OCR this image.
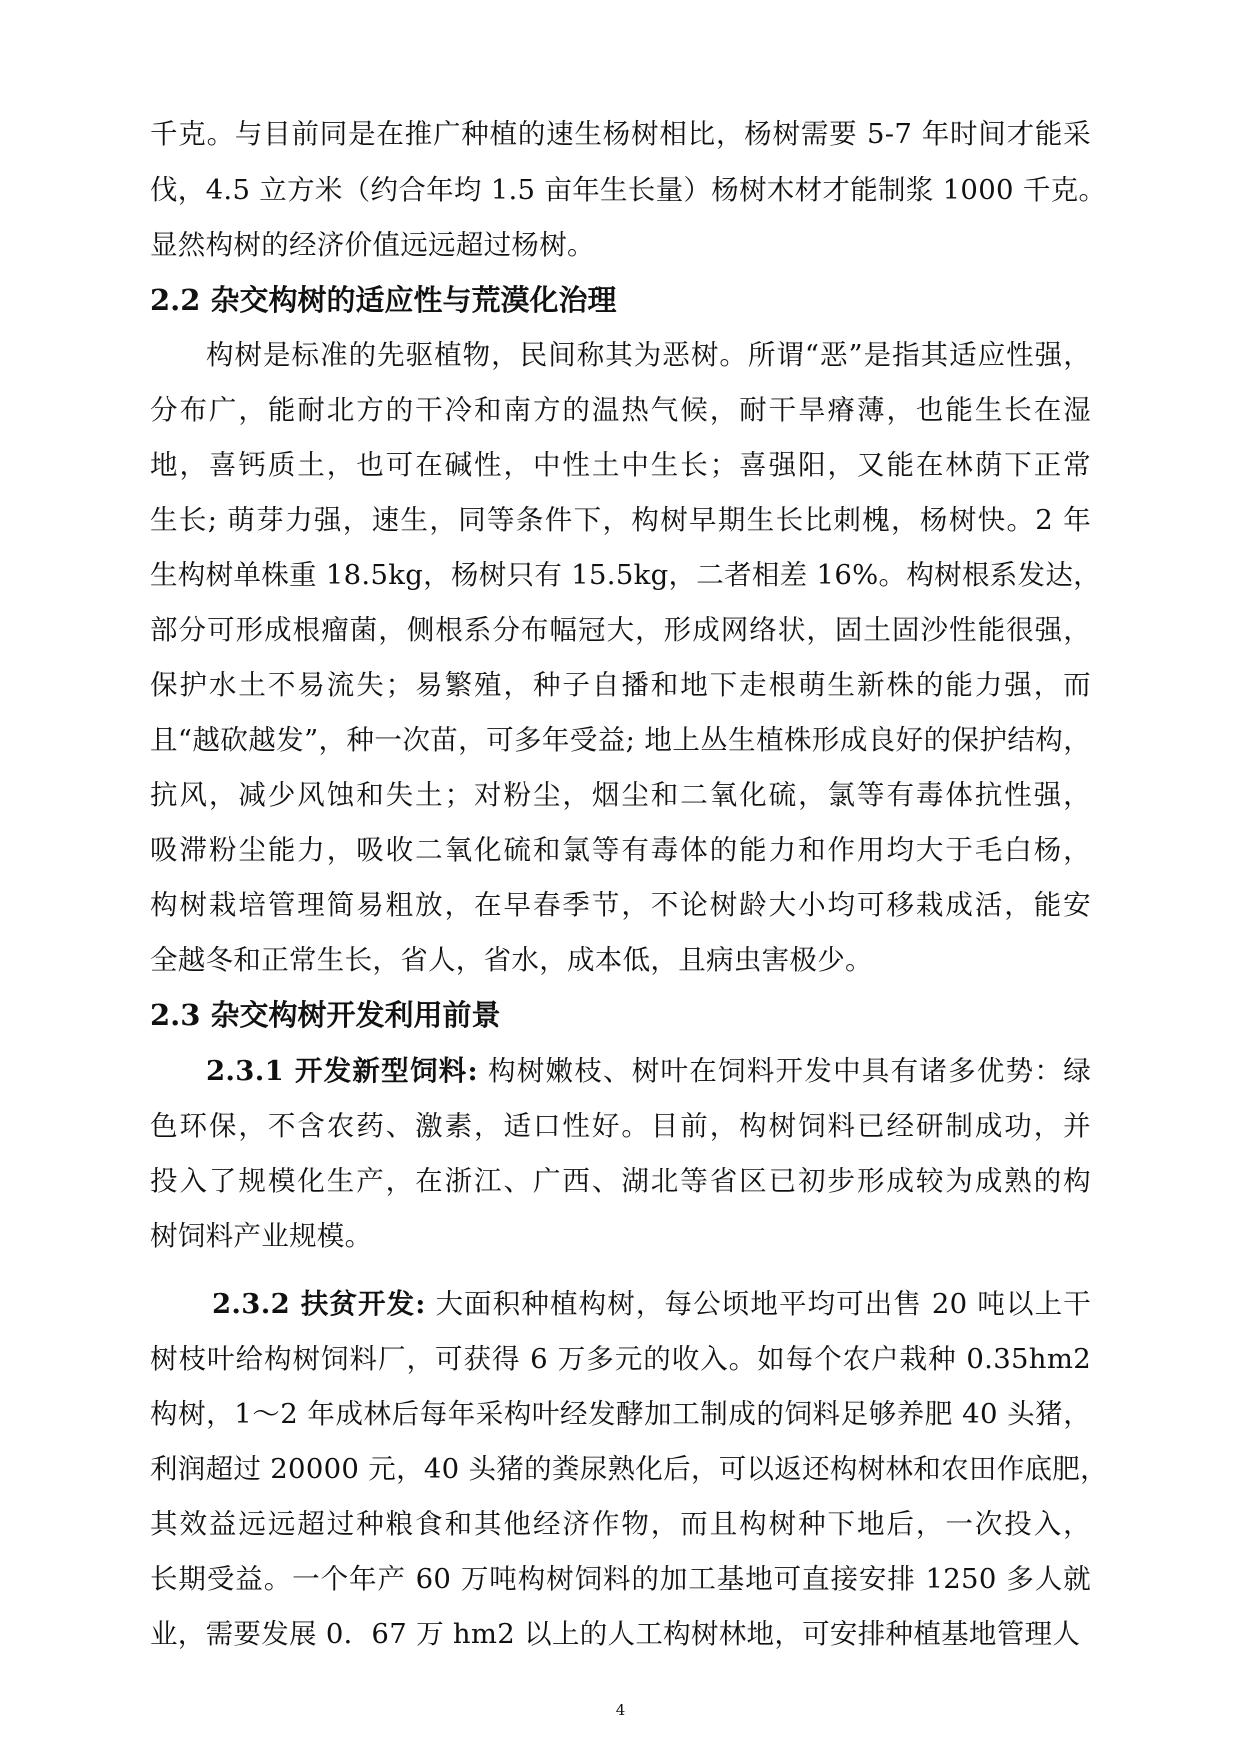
千克。与目前同是在推广种植的速生杨树相比，杨树需要 5-7 年时间才能采
伐，4.5 立方米（约合年均 1.5 亩年生长量）杨树木材才能制浆 1000 千克。
显然构树的经济价值远远超过杨树。
2.2 杂交构树的适应性与荒漠化治理
构树是标准的先驱植物，民间称其为恶树。所谓“恶”是指其适应性强，
分布广，能耐北方的干冷和南方的温热气候，耐干旱瘠薄，也能生长在湿
地，喜钙质土，也可在碱性，中性土中生长；喜强阳，又能在林荫下正常
生长; 萌芽力强，速生，同等条件下，构树早期生长比刺槐，杨树快。2 年
生构树单株重 18.5kg，杨树只有 15.5kg，二者相差 16%。构树根系发达，
部分可形成根瘤菌，侧根系分布幅冠大，形成网络状，固土固沙性能很强，
保护水土不易流失；易繁殖，种子自播和地下走根萌生新株的能力强，而
且“越砍越发”，种一次苗，可多年受益; 地上丛生植株形成良好的保护结构，
抗风，减少风蚀和失土；对粉尘，烟尘和二氧化硫，氯等有毒体抗性强，
吸滞粉尘能力，吸收二氧化硫和氯等有毒体的能力和作用均大于毛白杨，
构树栽培管理简易粗放，在早春季节，不论树龄大小均可移栽成活，能安
全越冬和正常生长，省人，省水，成本低，且病虫害极少。
2.3 杂交构树开发利用前景
2.3.1 开发新型饲料: 构树嫩枝、树叶在饲料开发中具有诸多优势：绿
色环保，不含农药、激素，适口性好。目前，构树饲料已经研制成功，并
投入了规模化生产，在浙江、广西、湖北等省区已初步形成较为成熟的构
树饲料产业规模。
2.3.2 扶贫开发: 大面积种植构树，每公顷地平均可出售 20 吨以上干
树枝叶给构树饲料厂，可获得 6 万多元的收入。如每个农户栽种 0.35hm2
构树，1～2 年成林后每年采构叶经发酵加工制成的饲料足够养肥 40 头猪，
利润超过 20000 元，40 头猪的粪尿熟化后，可以返还构树林和农田作底肥，
其效益远远超过种粮食和其他经济作物，而且构树种下地后，一次投入，
长期受益。一个年产 60 万吨构树饲料的加工基地可直接安排 1250 多人就
业，需要发展 0．67 万 hm2 以上的人工构树林地，可安排种植基地管理人
4
